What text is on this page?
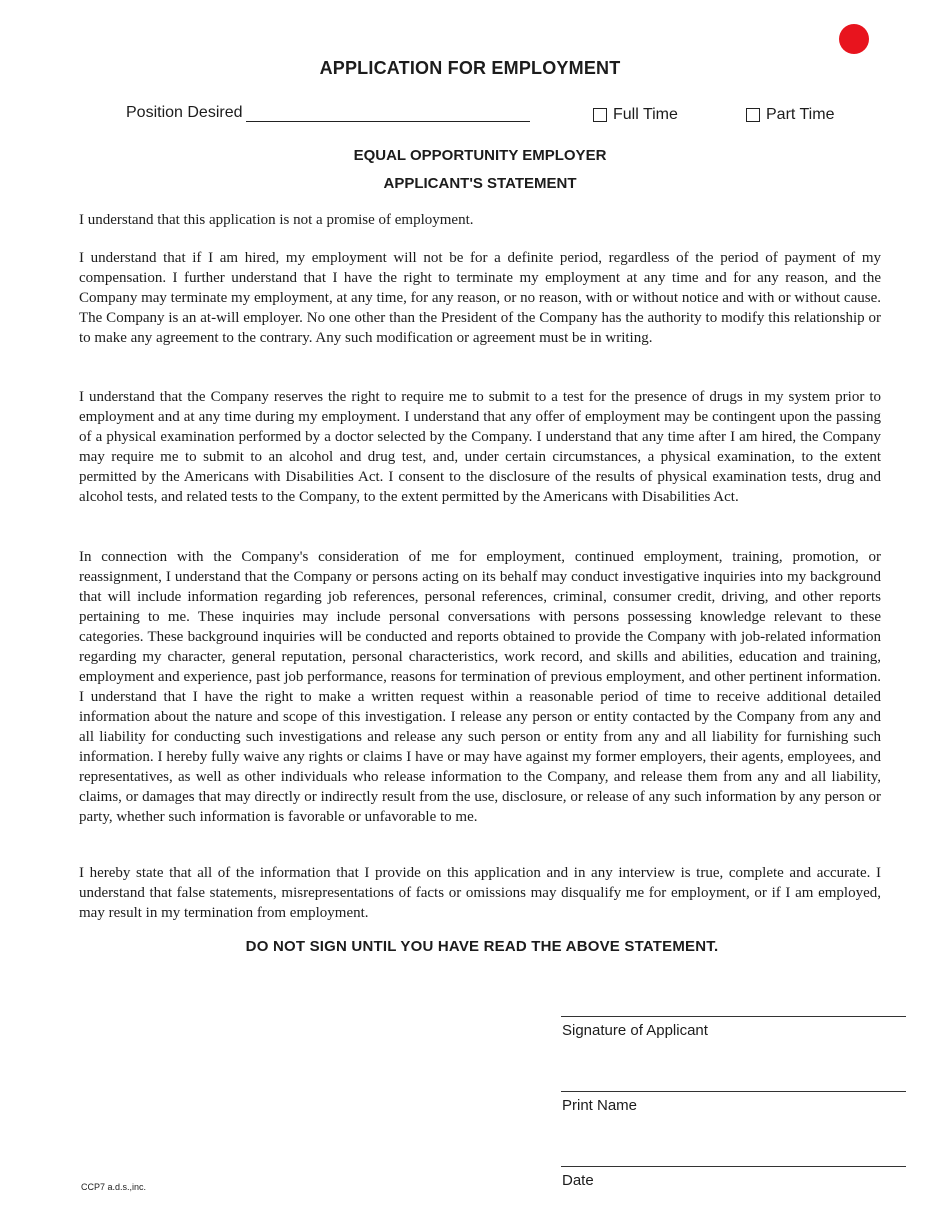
APPLICATION FOR EMPLOYMENT
Position Desired	Full Time	Part Time
EQUAL OPPORTUNITY EMPLOYER
APPLICANT'S STATEMENT
I understand that this application is not a promise of employment.
I understand that if I am hired, my employment will not be for a definite period, regardless of the period of payment of my compensation. I further understand that I have the right to terminate my employment at any time and for any reason, and the Company may terminate my employment, at any time, for any reason, or no reason, with or without notice and with or without cause. The Company is an at-will employer. No one other than the President of the Company has the authority to modify this relationship or to make any agreement to the contrary. Any such modification or agreement must be in writing.
I understand that the Company reserves the right to require me to submit to a test for the presence of drugs in my system prior to employment and at any time during my employment. I understand that any offer of employment may be contingent upon the passing of a physical examination performed by a doctor selected by the Company. I understand that any time after I am hired, the Company may require me to submit to an alcohol and drug test, and, under certain circumstances, a physical examination, to the extent permitted by the Americans with Disabilities Act. I consent to the disclosure of the results of physical examination tests, drug and alcohol tests, and related tests to the Company, to the extent permitted by the Americans with Disabilities Act.
In connection with the Company's consideration of me for employment, continued employment, training, promotion, or reassignment, I understand that the Company or persons acting on its behalf may conduct investigative inquiries into my background that will include information regarding job references, personal references, criminal, consumer credit, driving, and other reports pertaining to me. These inquiries may include personal conversations with persons possessing knowledge relevant to these categories. These background inquiries will be conducted and reports obtained to provide the Company with job-related information regarding my character, general reputation, personal characteristics, work record, and skills and abilities, education and training, employment and experience, past job performance, reasons for termination of previous employment, and other pertinent information. I understand that I have the right to make a written request within a reasonable period of time to receive additional detailed information about the nature and scope of this investigation. I release any person or entity contacted by the Company from any and all liability for conducting such investigations and release any such person or entity from any and all liability for furnishing such information. I hereby fully waive any rights or claims I have or may have against my former employers, their agents, employees, and representatives, as well as other individuals who release information to the Company, and release them from any and all liability, claims, or damages that may directly or indirectly result from the use, disclosure, or release of any such information by any person or party, whether such information is favorable or unfavorable to me.
I hereby state that all of the information that I provide on this application and in any interview is true, complete and accurate. I understand that false statements, misrepresentations of facts or omissions may disqualify me for employment, or if I am employed, may result in my termination from employment.
DO NOT SIGN UNTIL YOU HAVE READ THE ABOVE STATEMENT.
Signature of Applicant
Print Name
Date
CCP7 a.d.s.,inc.
